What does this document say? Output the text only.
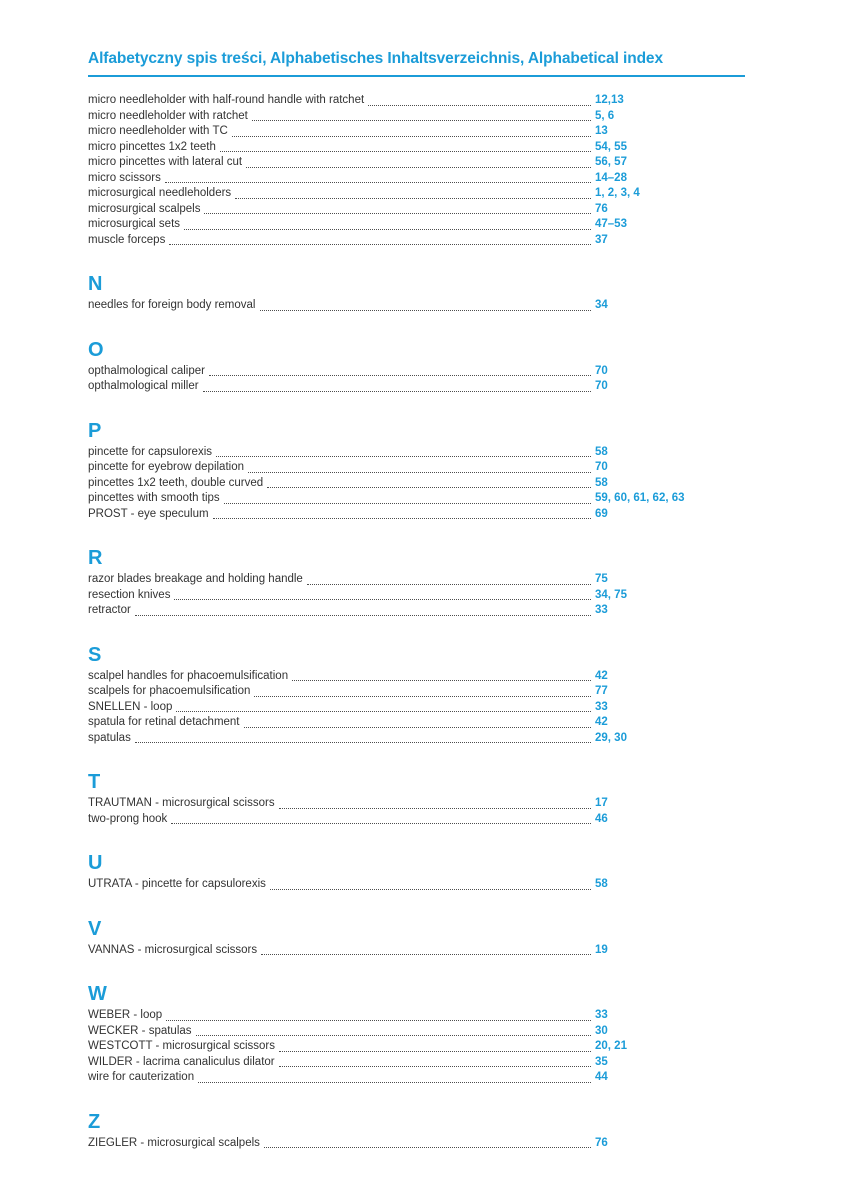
Alfabetyczny spis treści, Alphabetisches Inhaltsverzeichnis, Alphabetical index
micro needleholder with half-round handle with ratchet	12,13
micro needleholder with ratchet	5, 6
micro needleholder with TC	13
micro pincettes 1x2 teeth	54, 55
micro pincettes with lateral cut	56, 57
micro scissors	14–28
microsurgical needleholders	1, 2, 3, 4
microsurgical scalpels	76
microsurgical sets	47–53
muscle forceps	37
N
needles for foreign body removal	34
O
opthalmological caliper	70
opthalmological miller	70
P
pincette for capsulorexis	58
pincette for eyebrow depilation	70
pincettes 1x2 teeth, double curved	58
pincettes with smooth tips	59, 60, 61, 62, 63
PROST - eye speculum	69
R
razor blades breakage and holding handle	75
resection knives	34, 75
retractor	33
S
scalpel handles for phacoemulsification	42
scalpels for phacoemulsification	77
SNELLEN - loop	33
spatula for retinal detachment	42
spatulas	29, 30
T
TRAUTMAN - microsurgical scissors	17
two-prong hook	46
U
UTRATA - pincette for capsulorexis	58
V
VANNAS - microsurgical scissors	19
W
WEBER - loop	33
WECKER - spatulas	30
WESTCOTT - microsurgical scissors	20, 21
WILDER - lacrima canaliculus dilator	35
wire for cauterization	44
Z
ZIEGLER - microsurgical scalpels	76
